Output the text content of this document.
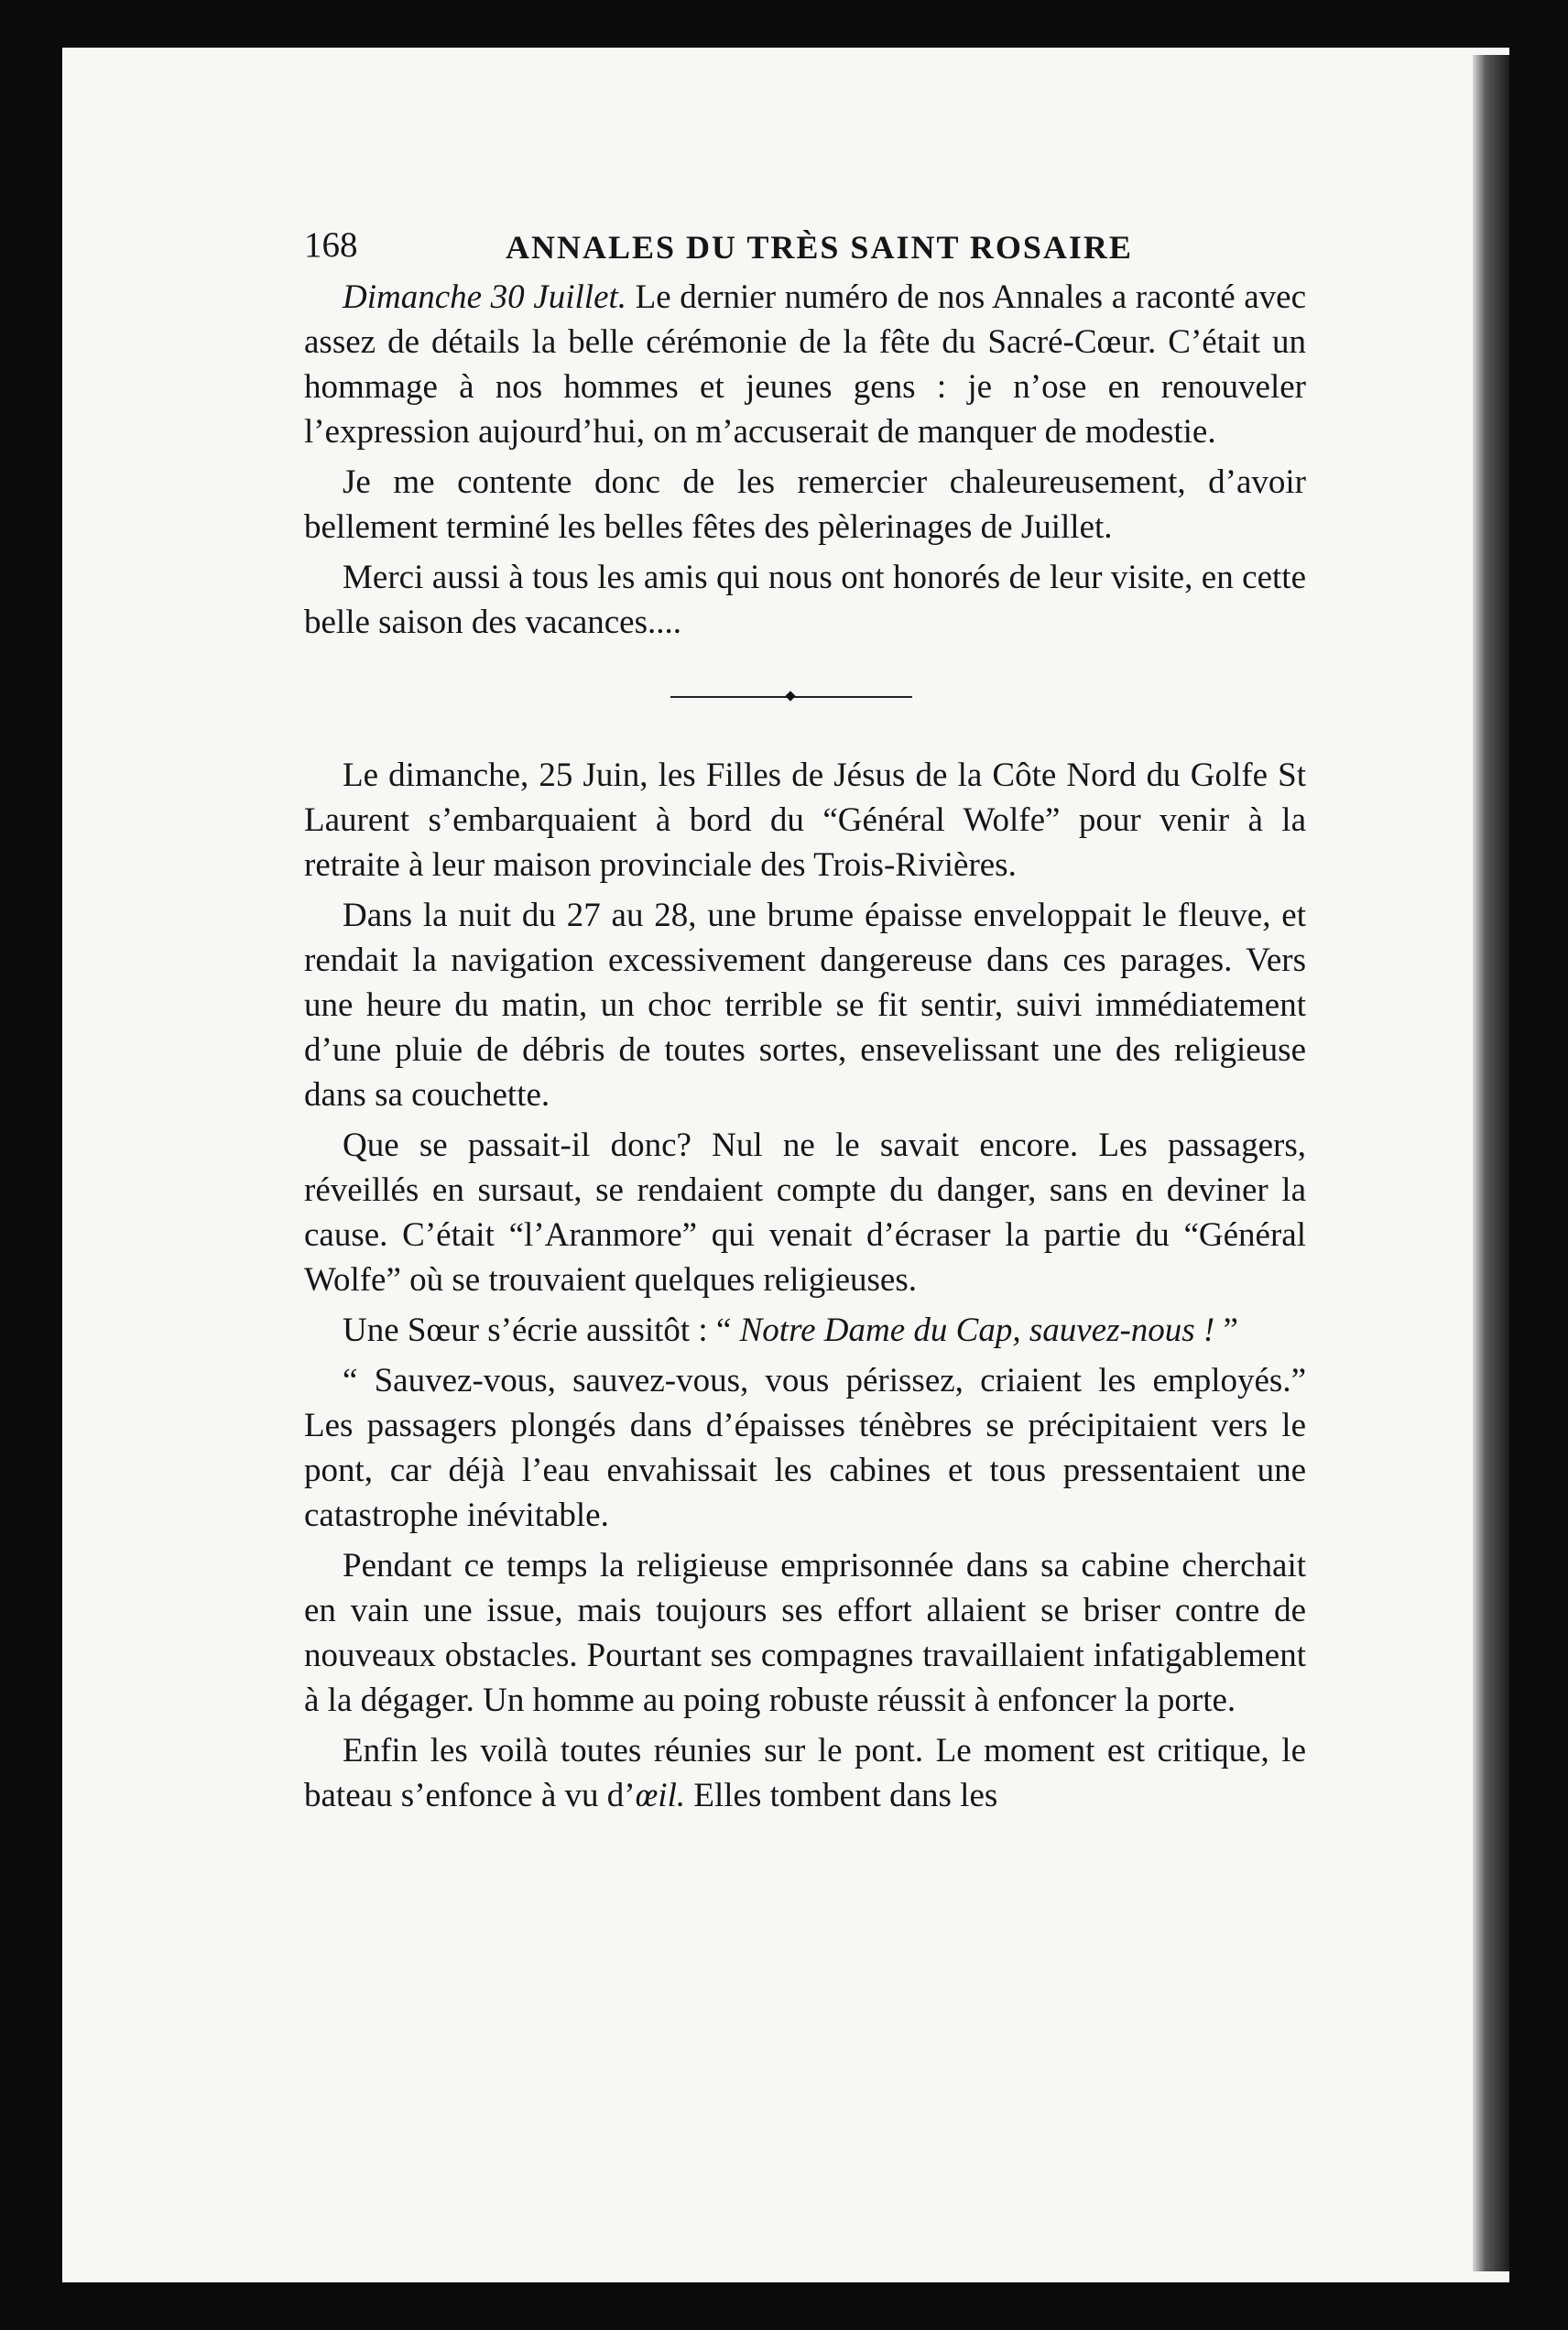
168	ANNALES DU TRÈS SAINT ROSAIRE

Dimanche 30 Juillet. Le dernier numéro de nos Annales a raconté avec assez de détails la belle cérémonie de la fête du Sacré-Cœur. C’était un hommage à nos hommes et jeunes gens : je n’ose en renouveler l’expression aujourd’hui, on m’accuserait de manquer de modestie.

Je me contente donc de les remercier chaleureusement, d’avoir bellement terminé les belles fêtes des pèlerinages de Juillet.

Merci aussi à tous les amis qui nous ont honorés de leur visite, en cette belle saison des vacances....

Le dimanche, 25 Juin, les Filles de Jésus de la Côte Nord du Golfe St Laurent s’embarquaient à bord du “Général Wolfe” pour venir à la retraite à leur maison provinciale des Trois-Rivières.

Dans la nuit du 27 au 28, une brume épaisse enveloppait le fleuve, et rendait la navigation excessivement dangereuse dans ces parages. Vers une heure du matin, un choc terrible se fit sentir, suivi immédiatement d’une pluie de débris de toutes sortes, ensevelissant une des religieuse dans sa couchette.

Que se passait-il donc? Nul ne le savait encore. Les passagers, réveillés en sursaut, se rendaient compte du danger, sans en deviner la cause. C’était “l’Aranmore” qui venait d’écraser la partie du “Général Wolfe” où se trouvaient quelques religieuses.

Une Sœur s’écrie aussitôt : “ Notre Dame du Cap, sauvez-nous ! ”

“ Sauvez-vous, sauvez-vous, vous périssez, criaient les employés.” Les passagers plongés dans d’épaisses ténèbres se précipitaient vers le pont, car déjà l’eau envahissait les cabines et tous pressentaient une catastrophe inévitable.

Pendant ce temps la religieuse emprisonnée dans sa cabine cherchait en vain une issue, mais toujours ses effort allaient se briser contre de nouveaux obstacles. Pourtant ses compagnes travaillaient infatigablement à la dégager. Un homme au poing robuste réussit à enfoncer la porte.

Enfin les voilà toutes réunies sur le pont. Le moment est critique, le bateau s’enfonce à vu d’œil. Elles tombent dans les
